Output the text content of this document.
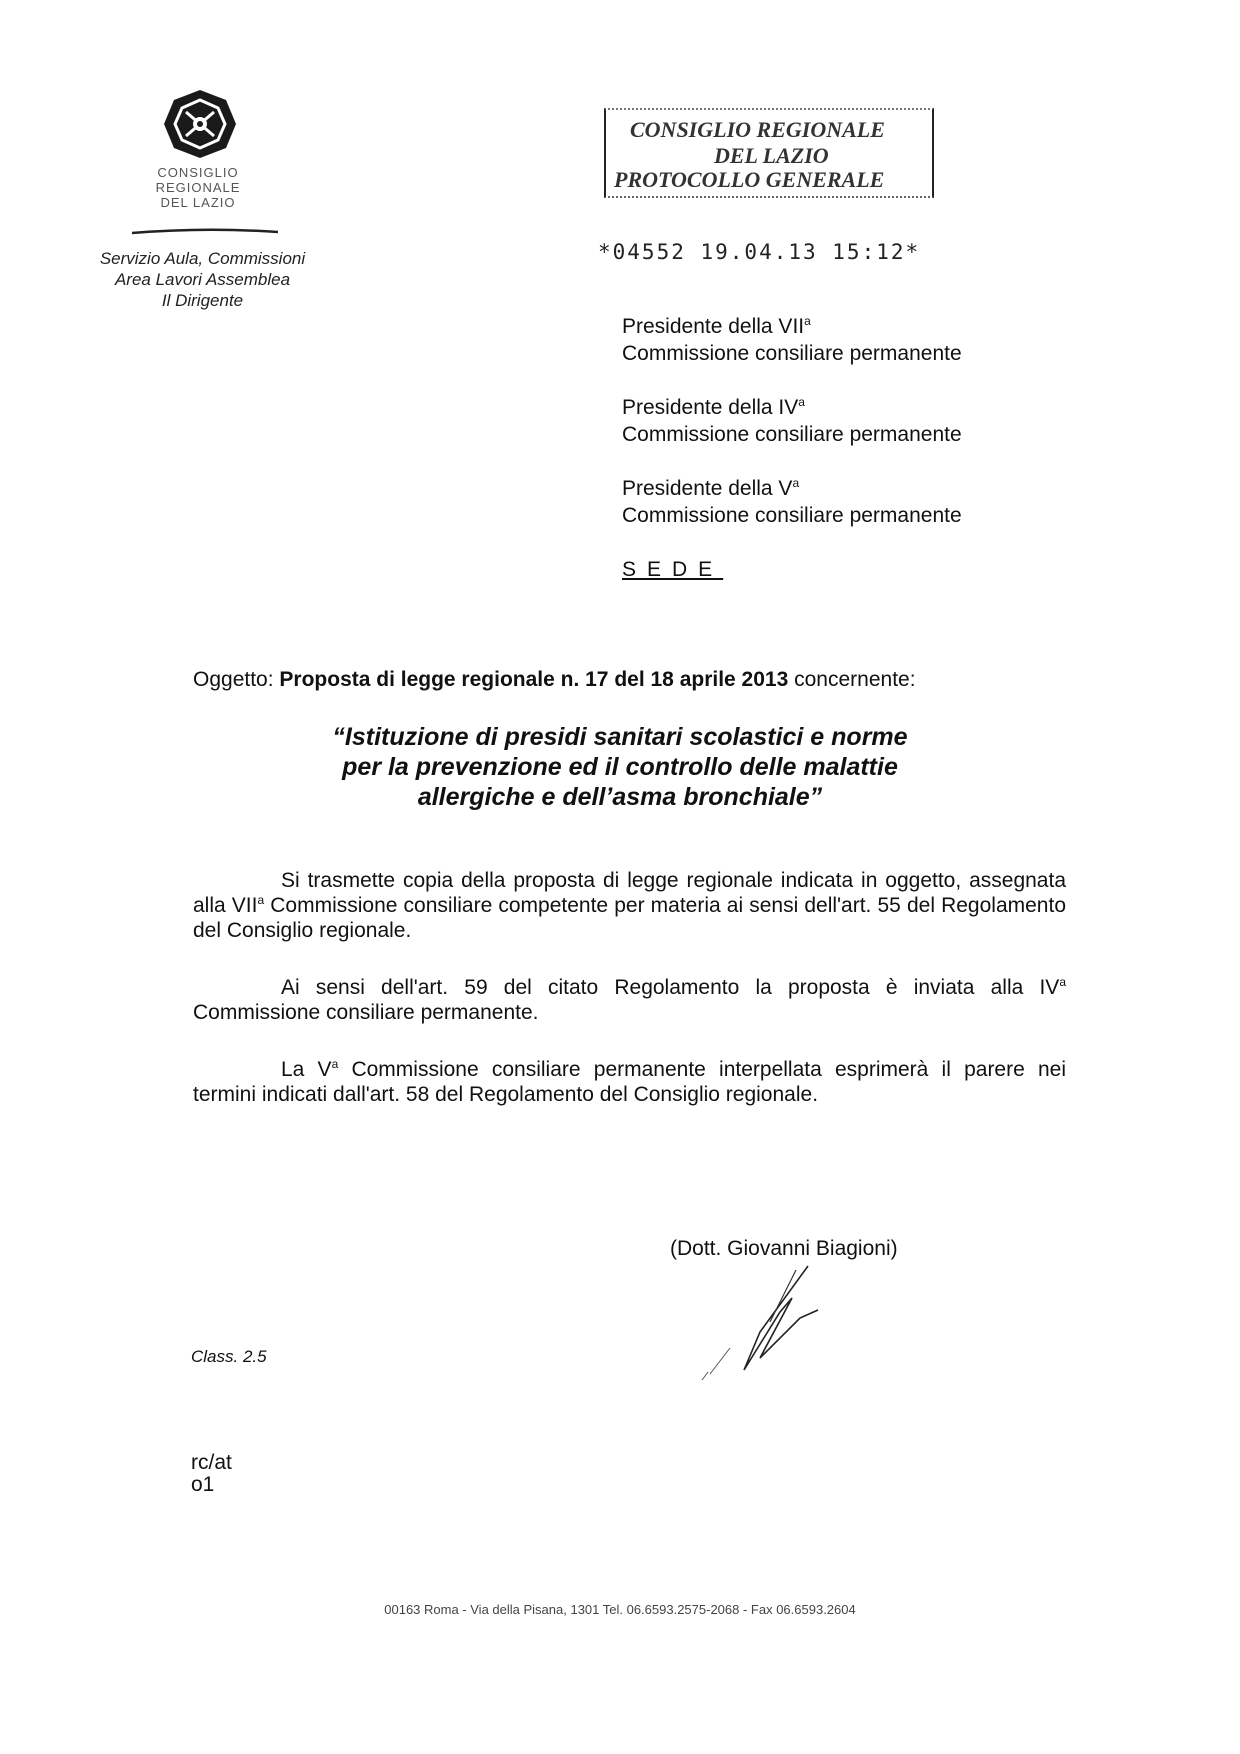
CONSIGLIO
REGIONALE
DEL LAZIO
Servizio Aula, Commissioni
Area Lavori Assemblea
Il Dirigente
CONSIGLIO REGIONALE
DEL LAZIO
PROTOCOLLO GENERALE
*04552 19.04.13 15:12*
Presidente della VII$^a$
Commissione consiliare permanente
Presidente della $IV^a$
Commissione consiliare permanente
Presidente della $V^a$
Commissione consiliare permanente
SEDE
Oggetto: Proposta di legge regionale n. 17 del 18 aprile 2013 concernente:
“Istituzione di presidi sanitari scolastici e norme
per la prevenzione ed il controllo delle malattie
allergiche e dell’asma bronchiale”

Si trasmette copia della proposta di legge regionale indicata in oggetto, assegnata alla VII$^a$ Commissione consiliare competente per materia ai sensi dell'art. 55 del Regolamento del Consiglio regionale.

Ai sensi dell'art. 59 del citato Regolamento la proposta è inviata alla $IV^a$ Commissione consiliare permanente.

La $V^a$ Commissione consiliare permanente interpellata esprimerà il parere nei termini indicati dall'art. 58 del Regolamento del Consiglio regionale.

(Dott. Giovanni Biagioni)
Class. 2.5
rc/at
o1
00163 Roma - Via della Pisana, 1301 Tel. 06.6593.2575-2068 - Fax 06.6593.2604
